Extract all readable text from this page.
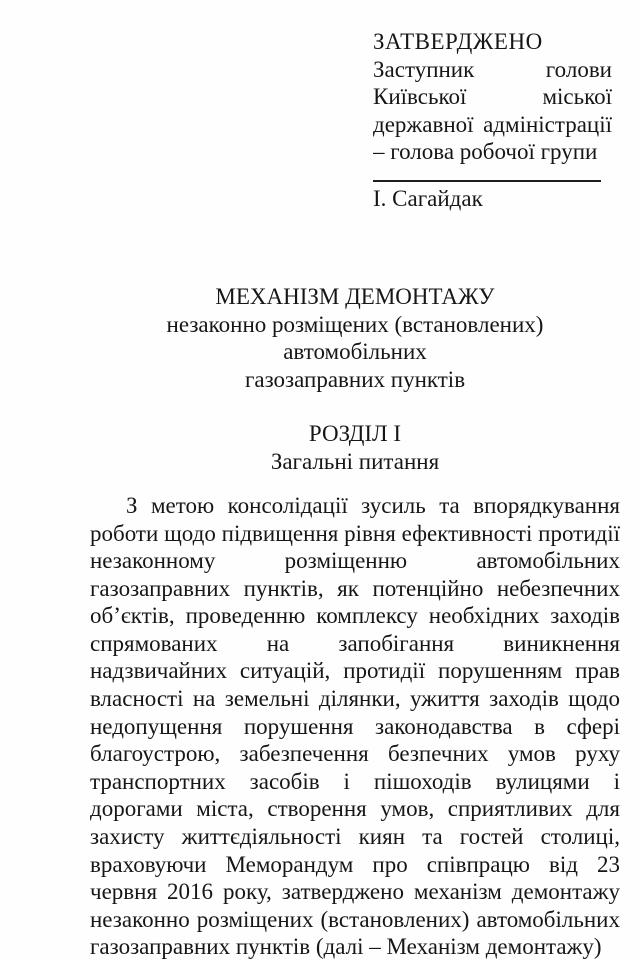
ЗАТВЕРДЖЕНО
Заступник голови
Київської міської
державної адміністрації
– голова робочої групи
І. Сагайдак
МЕХАНІЗМ ДЕМОНТАЖУ
незаконно розміщених (встановлених)
автомобільних
газозаправних пунктів
РОЗДІЛ І
Загальні питання
З метою консолідації зусиль та впорядкування
роботи щодо підвищення рівня ефективності протидії
незаконному розміщенню автомобільних
газозаправних пунктів, як потенційно небезпечних
об’єктів, проведенню комплексу необхідних заходів
спрямованих на запобігання виникнення
надзвичайних ситуацій, протидії порушенням прав
власності на земельні ділянки, ужиття заходів щодо
недопущення порушення законодавства в сфері
благоустрою, забезпечення безпечних умов руху
транспортних засобів і пішоходів вулицями і
дорогами міста, створення умов, сприятливих для
захисту життєдіяльності киян та гостей столиці,
враховуючи Меморандум про співпрацю від 23
червня 2016 року, затверджено механізм демонтажу
незаконно розміщених (встановлених) автомобільних
газозаправних пунктів (далі – Механізм демонтажу)
